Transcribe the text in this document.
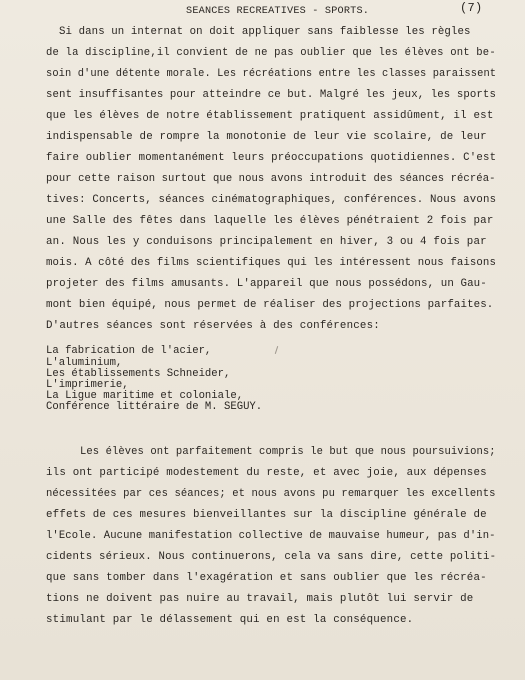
(7)
SEANCES RECREATIVES - SPORTS.
Si dans un internat on doit appliquer sans faiblesse les règles
de la discipline,il convient de ne pas oublier que les élèves ont be-
soin d'une détente morale. Les récréations entre les classes paraissent
sent insuffisantes pour atteindre ce but. Malgré les jeux, les sports
que les élèves de notre établissement pratiquent assidûment, il est
indispensable de rompre la monotonie de leur vie scolaire, de leur
faire oublier momentanément leurs préoccupations quotidiennes. C'est
pour cette raison surtout que nous avons introduit des séances récréa-
tives: Concerts, séances cinématographiques, conférences. Nous avons
une Salle des fêtes dans laquelle les élèves pénétraient 2 fois par
an. Nous les y conduisons principalement en hiver, 3 ou 4 fois par
mois. A côté des films scientifiques qui les intéressent nous faisons
projeter des films amusants. L'appareil que nous possédons, un Gau-
mont bien équipé, nous permet de réaliser des projections parfaites.
D'autres séances sont réservées à des conférences:
La fabrication de l'acier,
L'aluminium,
Les établissements Schneider,
L'imprimerie,
La Ligue maritime et coloniale,
Conférence littéraire de M. SEGUY.
Les élèves ont parfaitement compris le but que nous poursuivions;
ils ont participé modestement du reste, et avec joie, aux dépenses
nécessitées par ces séances; et nous avons pu remarquer les excellents
effets de ces mesures bienveillantes sur la discipline générale de
l'Ecole. Aucune manifestation collective de mauvaise humeur, pas d'in-
cidents sérieux. Nous continuerons, cela va sans dire, cette politi-
que sans tomber dans l'exagération et sans oublier que les récréa-
tions ne doivent pas nuire au travail, mais plutôt lui servir de
stimulant par le délassement qui en est la conséquence.
